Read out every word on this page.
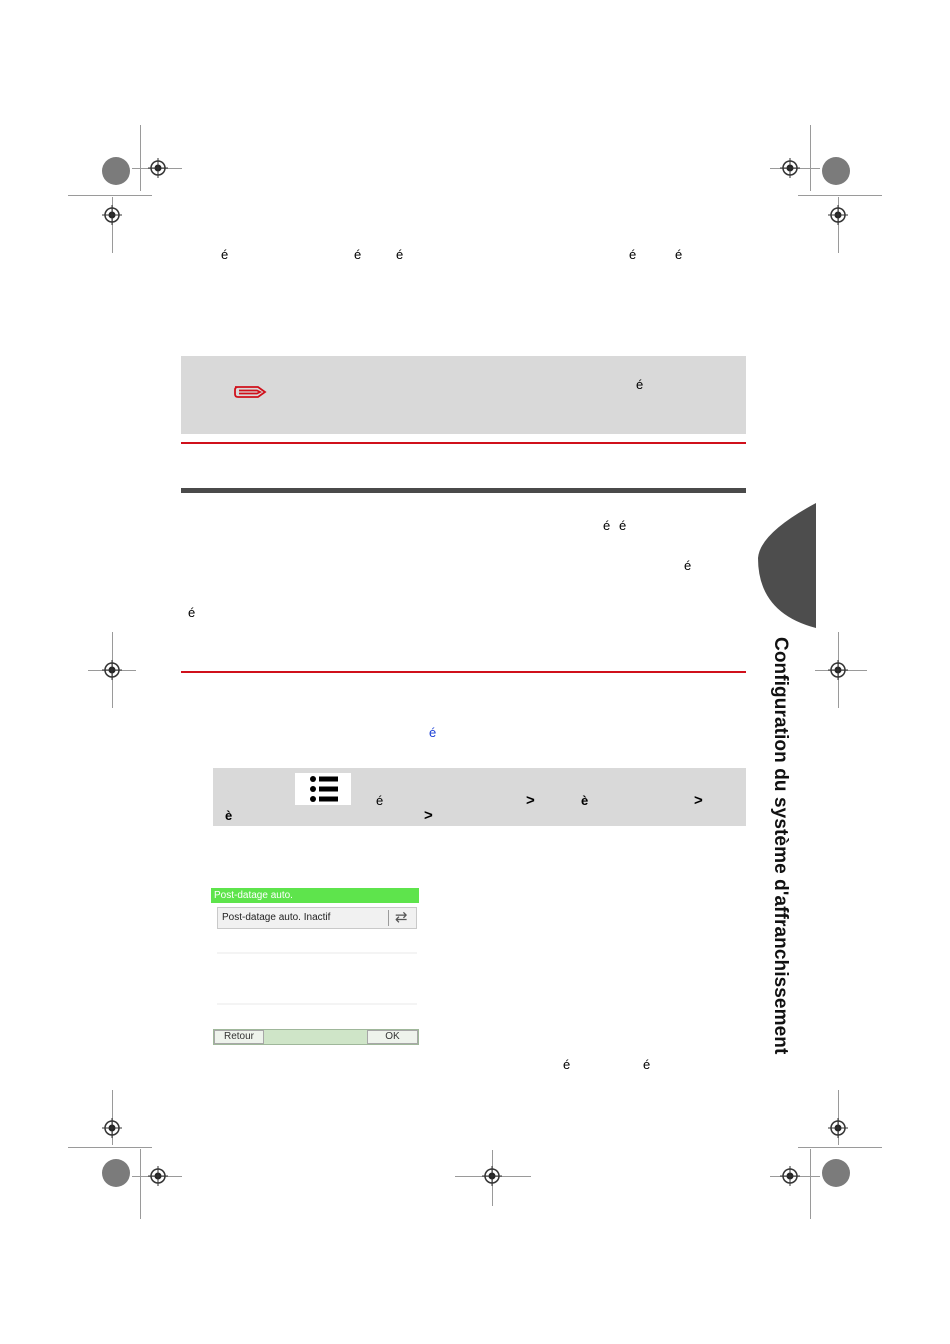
é	é	é	é	é
é
é é
é
é
é
é	>	è	>
è	>
Post-datage auto.
Post-datage auto. Inactif	⇄
Retour	OK
é	é
Configuration du système d'affranchissement
